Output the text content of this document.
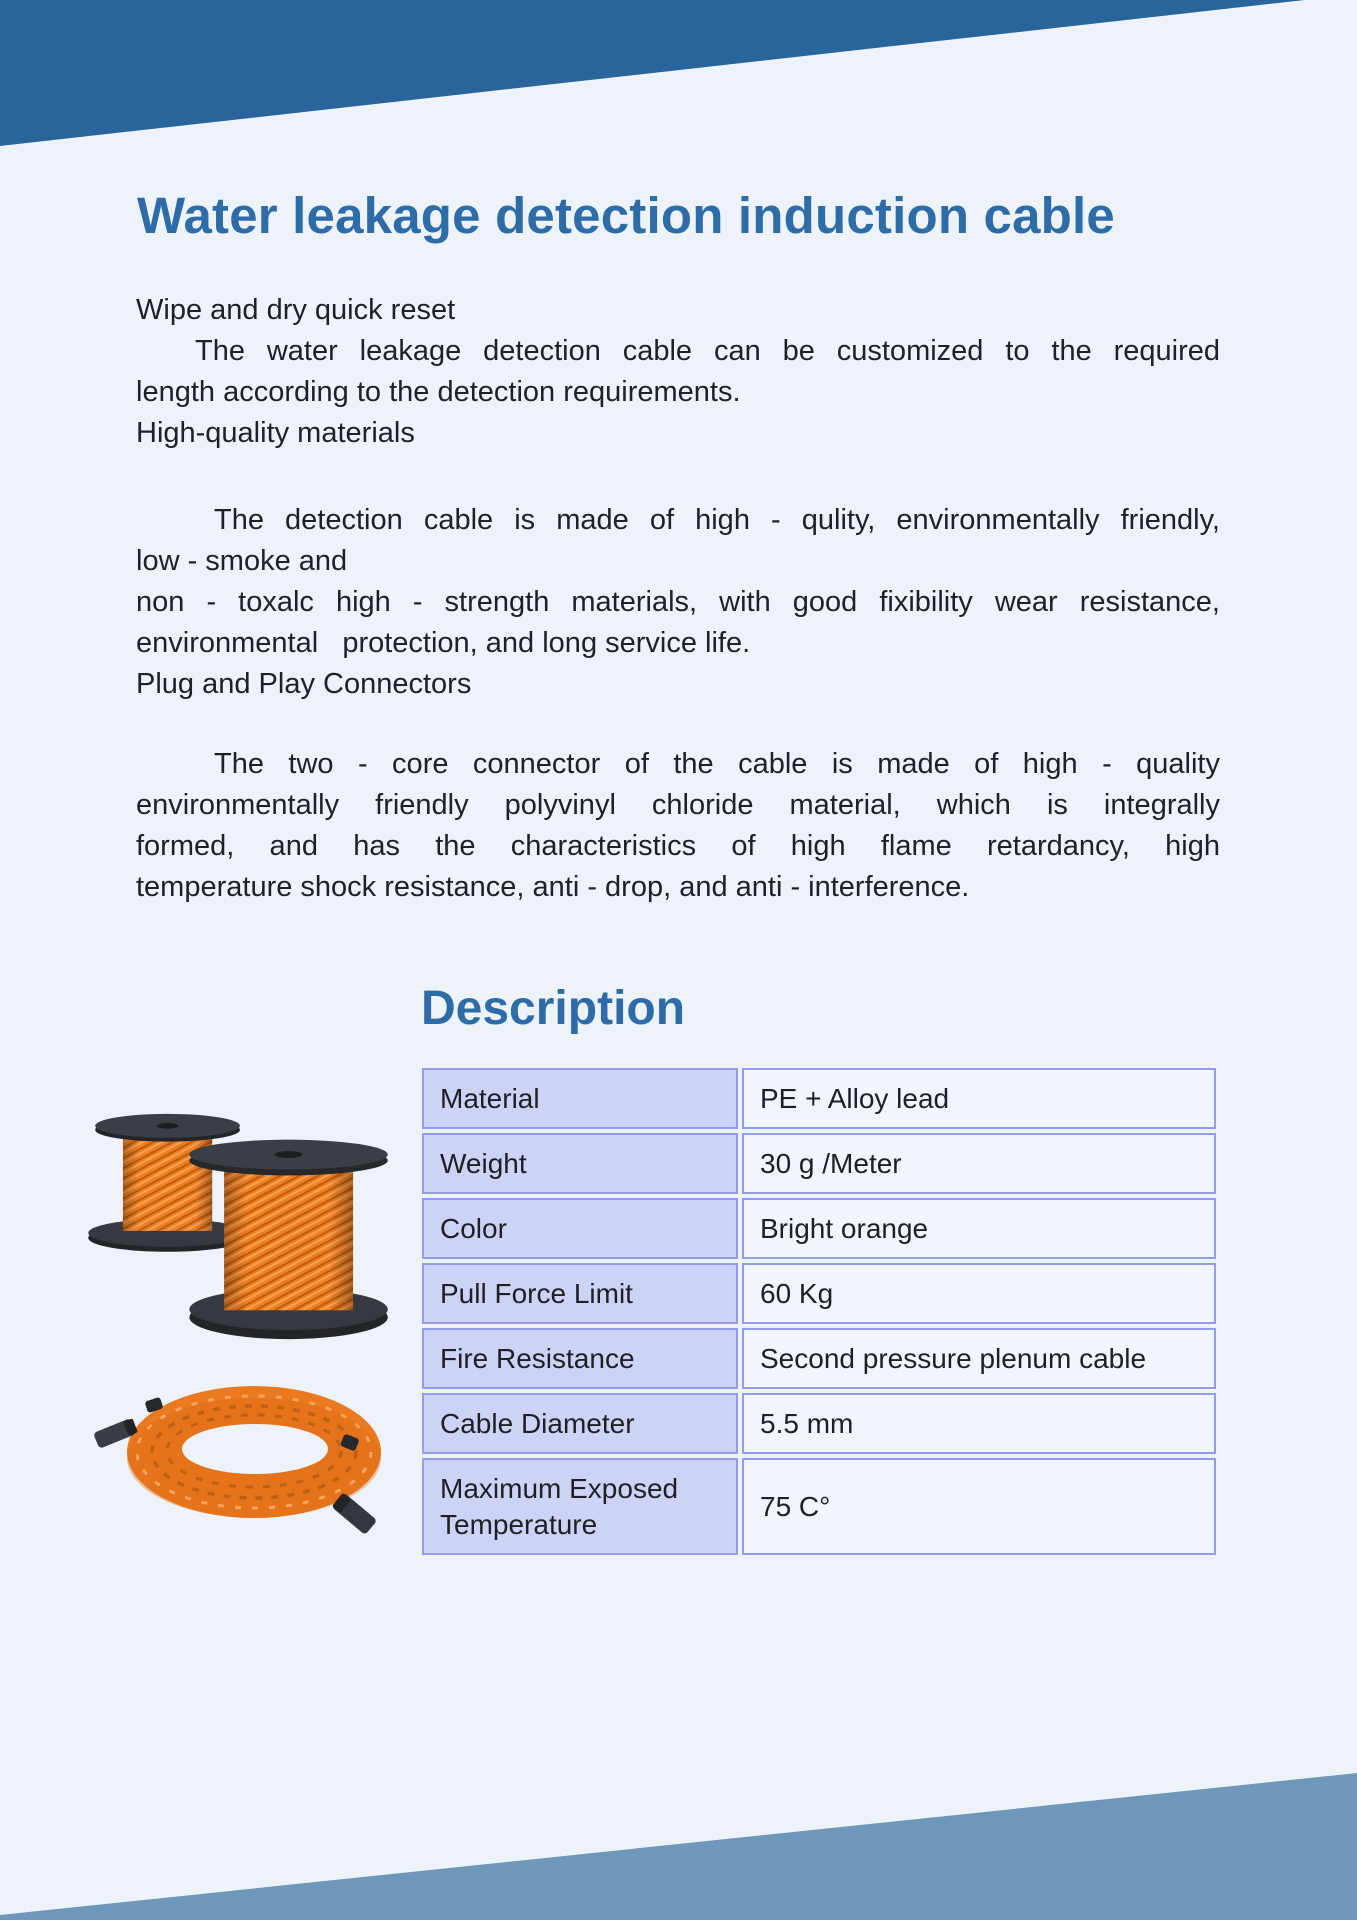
Water leakage detection induction cable
Wipe and dry quick reset
The water leakage detection cable can be customized to the required
length according to the detection requirements.
High-quality materials
The detection cable is made of high - qulity, environmentally friendly,
low - smoke and
non - toxalc high - strength materials, with good fixibility wear resistance,
environmental   protection, and long service life.
Plug and Play Connectors
The two - core connector of the cable is made of high - quality
environmentally friendly polyvinyl chloride material, which is integrally
formed, and has the characteristics of high flame retardancy, high
temperature shock resistance, anti - drop, and anti - interference.
Description
Material	PE + Alloy lead
Weight	30 g /Meter
Color	Bright orange
Pull Force Limit	60 Kg
Fire Resistance	Second pressure plenum cable
Cable Diameter	5.5 mm
Maximum Exposed Temperature	75 C°
